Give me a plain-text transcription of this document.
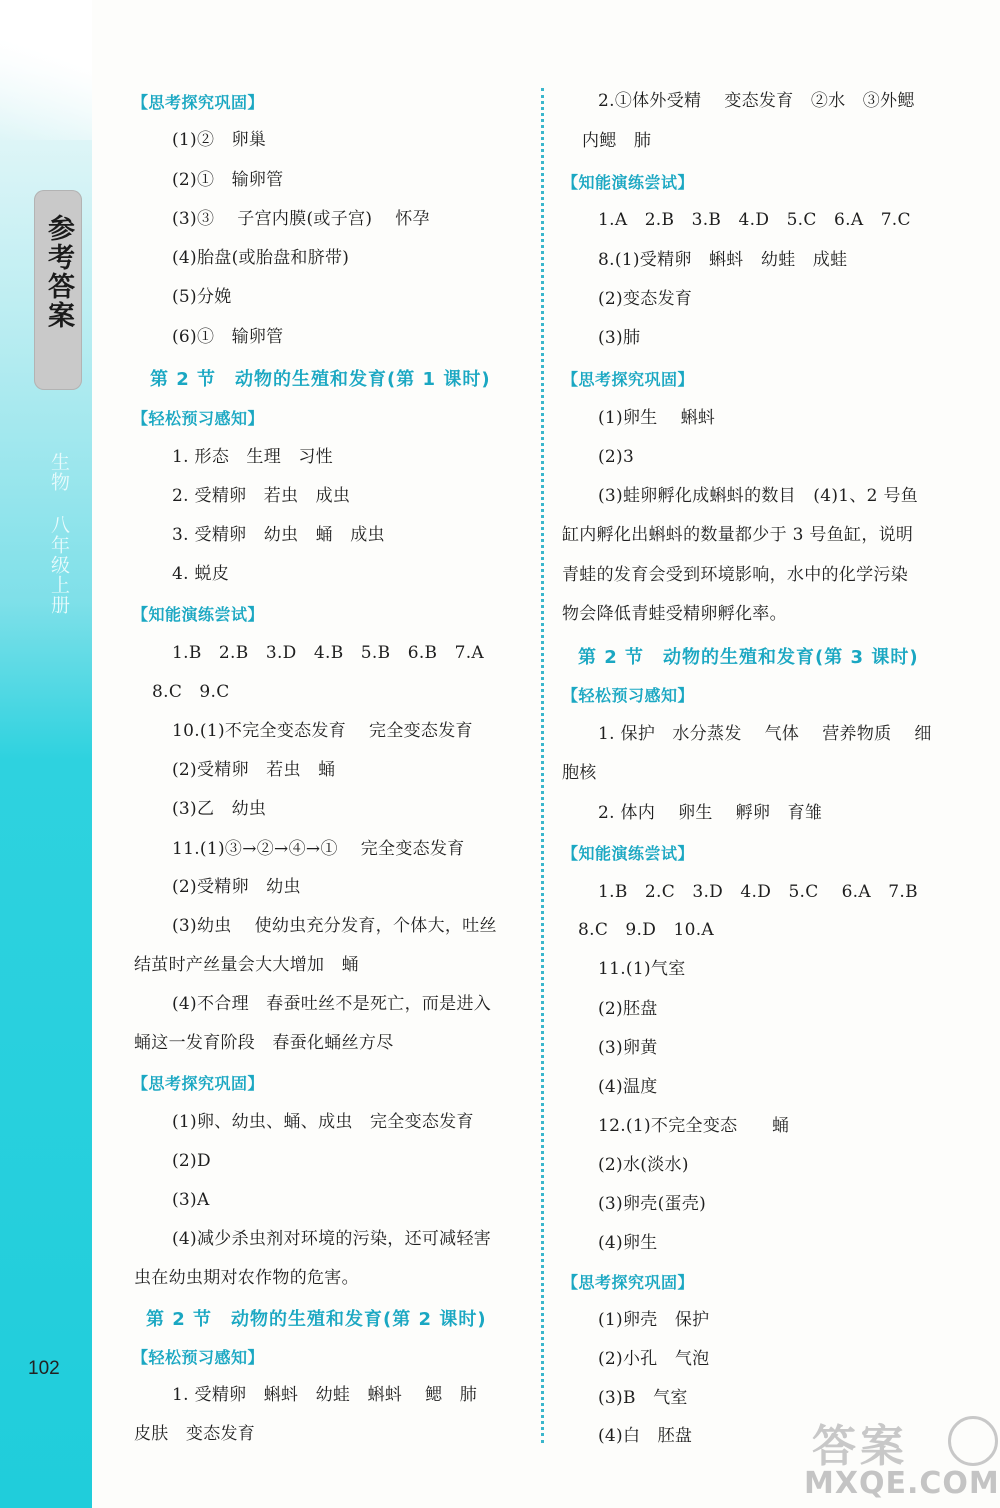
参考答案
生物 八年级上册
102
【思考探究巩固】
(1)②　卵巢
(2)①　输卵管
(3)③　 子宫内膜(或子宫)　 怀孕
(4)胎盘(或胎盘和脐带)
(5)分娩
(6)①　输卵管
第 2 节　动物的生殖和发育(第 1 课时)
【轻松预习感知】
1. 形态　生理　习性
2. 受精卵　若虫　成虫
3. 受精卵　幼虫　蛹　成虫
4. 蜕皮
【知能演练尝试】
1.B　2.B　3.D　4.B　5.B　6.B　7.A
8.C　9.C
10.(1)不完全变态发育　 完全变态发育
(2)受精卵　若虫　蛹
(3)乙　幼虫
11.(1)③→②→④→①　 完全变态发育
(2)受精卵　幼虫
(3)幼虫　 使幼虫充分发育，个体大，吐丝
结茧时产丝量会大大增加　蛹
(4)不合理　春蚕吐丝不是死亡，而是进入
蛹这一发育阶段　春蚕化蛹丝方尽
【思考探究巩固】
(1)卵、幼虫、蛹、成虫　完全变态发育
(2)D
(3)A
(4)减少杀虫剂对环境的污染，还可减轻害
虫在幼虫期对农作物的危害。
第 2 节　动物的生殖和发育(第 2 课时)
【轻松预习感知】
1. 受精卵　蝌蚪　幼蛙　蝌蚪　 鳃　肺
皮肤　变态发育
2.①体外受精　 变态发育　②水　③外鳃
内鳃　肺
【知能演练尝试】
1.A　2.B　3.B　4.D　5.C　6.A　7.C
8.(1)受精卵　蝌蚪　幼蛙　成蛙
(2)变态发育
(3)肺
【思考探究巩固】
(1)卵生　 蝌蚪
(2)3
(3)蛙卵孵化成蝌蚪的数目　(4)1、2 号鱼
缸内孵化出蝌蚪的数量都少于 3 号鱼缸，说明
青蛙的发育会受到环境影响，水中的化学污染
物会降低青蛙受精卵孵化率。
第 2 节　动物的生殖和发育(第 3 课时)
【轻松预习感知】
1. 保护　水分蒸发　 气体　 营养物质　 细
胞核
2. 体内　 卵生　 孵卵　育雏
【知能演练尝试】
1.B　2.C　3.D　4.D　5.C　 6.A　7.B
8.C　9.D　10.A
11.(1)气室
(2)胚盘
(3)卵黄
(4)温度
12.(1)不完全变态　　蛹
(2)水(淡水)
(3)卵壳(蛋壳)
(4)卵生
【思考探究巩固】
(1)卵壳　保护
(2)小孔　气泡
(3)B　气室
(4)白　胚盘	答案
MXQE.COM
